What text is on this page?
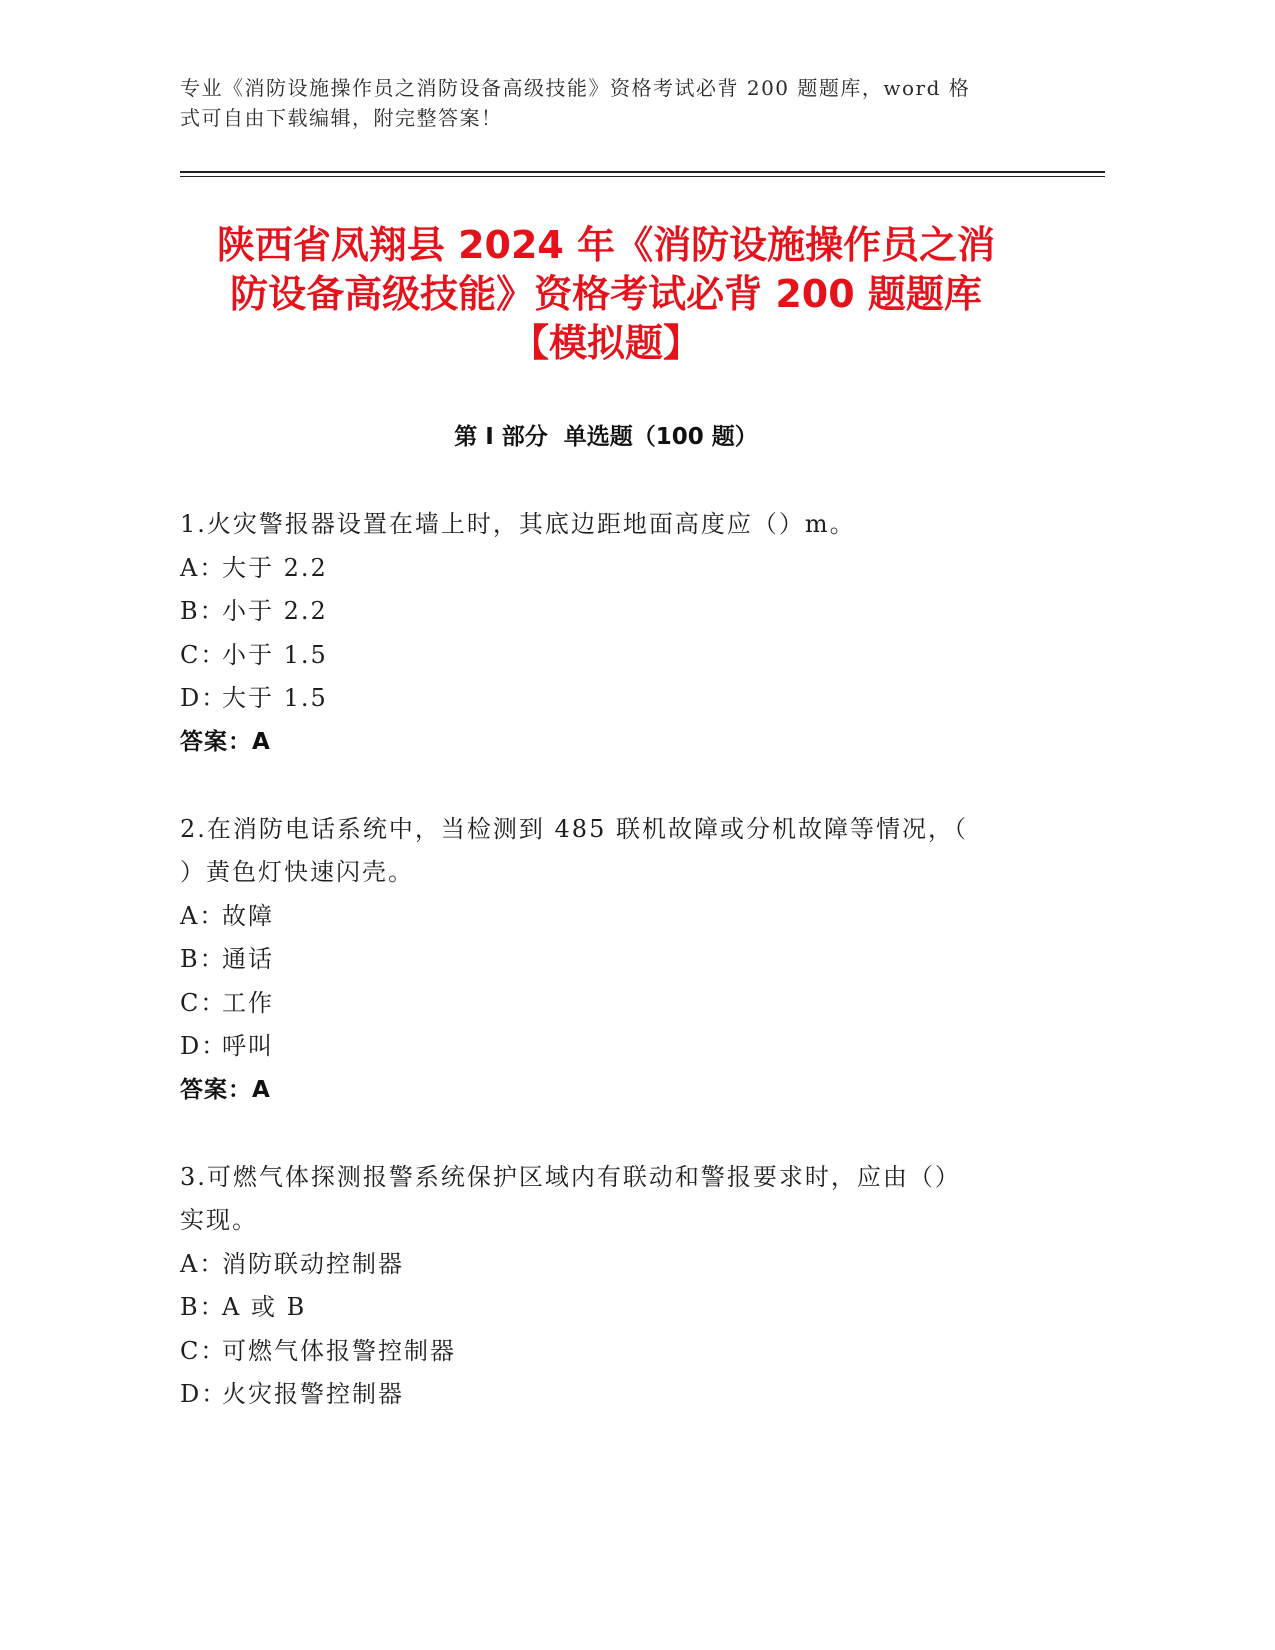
专业《消防设施操作员之消防设备高级技能》资格考试必背 200 题题库，word 格
式可自由下载编辑，附完整答案！
陕西省凤翔县 2024 年《消防设施操作员之消
防设备高级技能》资格考试必背 200 题题库
【模拟题】
第 I 部分  单选题（100 题）

1.火灾警报器设置在墙上时，其底边距地面高度应（）m。

A：大于 2.2
B：小于 2.2
C：小于 1.5
D：大于 1.5
答案：A

2.在消防电话系统中，当检测到 485 联机故障或分机故障等情况，（
）黄色灯快速闪壳。

A：故障
B：通话
C：工作
D：呼叫
答案：A

3.可燃气体探测报警系统保护区域内有联动和警报要求时，应由（）
实现。

A：消防联动控制器
B：A 或 B
C：可燃气体报警控制器
D：火灾报警控制器
